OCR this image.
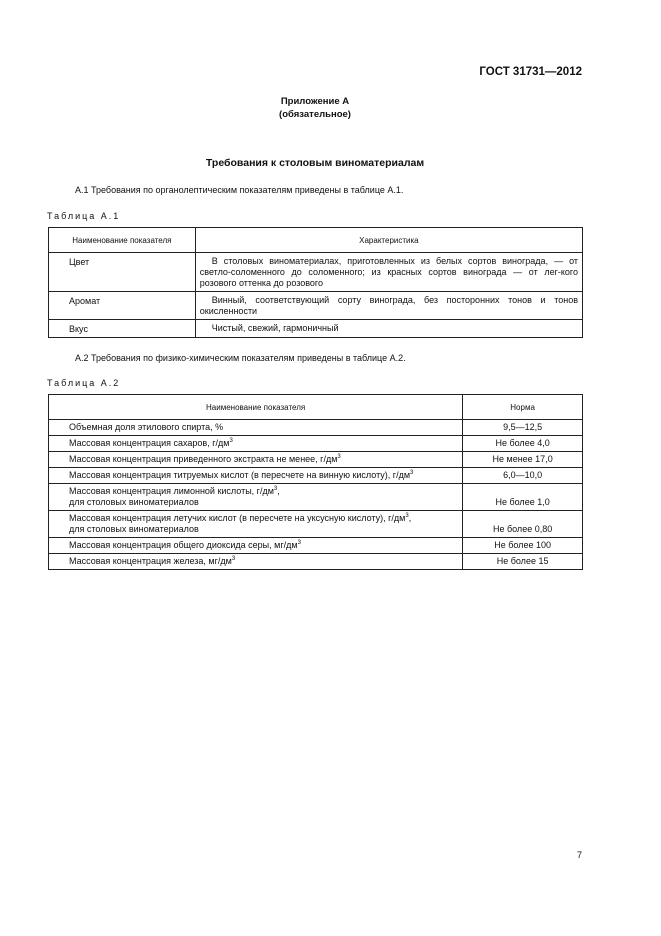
ГОСТ 31731—2012
Приложение А
(обязательное)
Требования к столовым виноматериалам
А.1 Требования по органолептическим показателям приведены в таблице А.1.
Таблица А.1
Наименование показателя	Характеристика
Цвет	В столовых виноматериалах, приготовленных из белых сортов винограда, — от светло-соломенного до соломенного; из красных сортов винограда — от лег-кого розового оттенка до розового
Аромат	Винный, соответствующий сорту винограда, без посторонних тонов и тонов окисленности
Вкус	Чистый, свежий, гармоничный
А.2 Требования по физико-химическим показателям приведены в таблице А.2.
Таблица А.2
Наименование показателя	Норма
Объемная доля этилового спирта, %	9,5—12,5
Массовая концентрация сахаров, $г/дм^3$	Не более 4,0
Массовая концентрация приведенного экстракта не менее, $г/дм^3$	Не менее 17,0
Массовая концентрация титруемых кислот (в пересчете на винную кислоту), $г/дм^3$	6,0—10,0
Массовая концентрация лимонной кислоты, $г/дм^3$,
для столовых виноматериалов	Не более 1,0
Массовая концентрация летучих кислот (в пересчете на уксусную кислоту), $г/дм^3$,
для столовых виноматериалов	Не более 0,80
Массовая концентрация общего диоксида серы, $мг/дм^3$	Не более 100
Массовая концентрация железа, $мг/дм^3$	Не более 15
7
